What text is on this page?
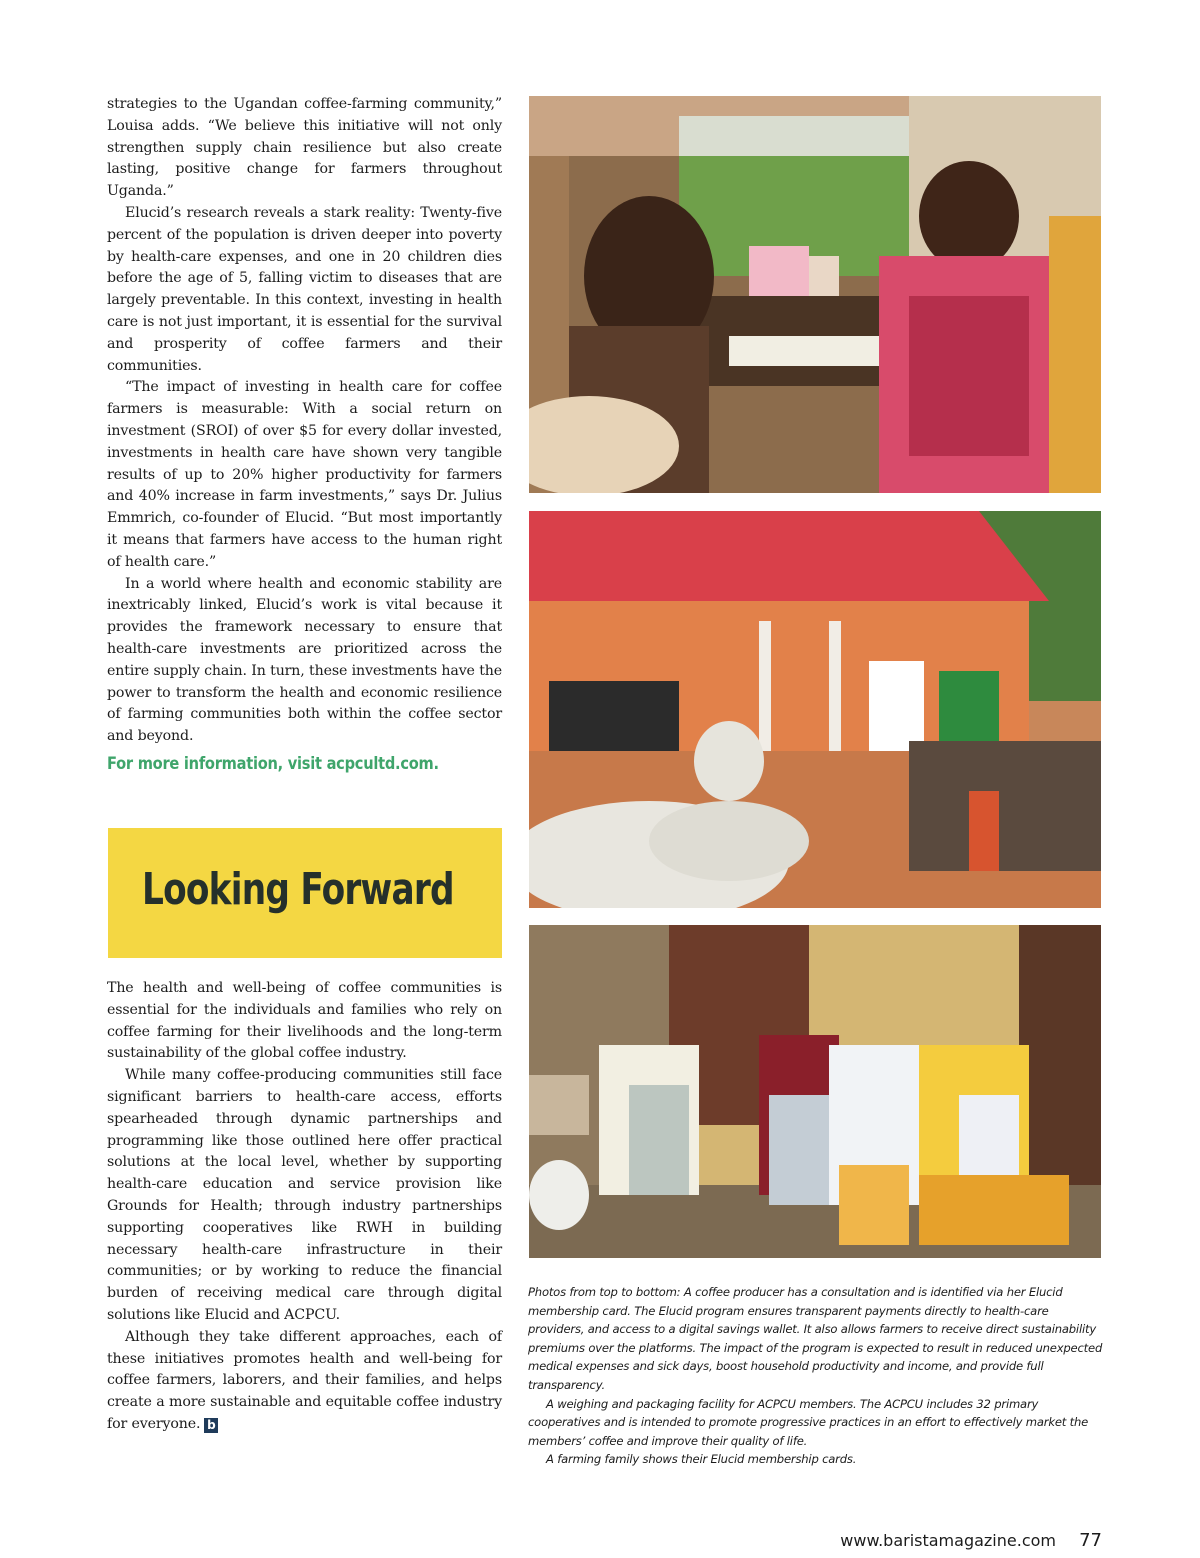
strategies to the Ugandan coffee-farming community,” Louisa adds. “We believe this initiative will not only strengthen supply chain resilience but also create lasting, positive change for farmers throughout Uganda.”

Elucid’s research reveals a stark reality: Twenty-five percent of the population is driven deeper into poverty by health-care expenses, and one in 20 children dies before the age of 5, falling victim to diseases that are largely preventable. In this context, investing in health care is not just important, it is essential for the survival and prosperity of coffee farmers and their communities.

“The impact of investing in health care for coffee farmers is measurable: With a social return on investment (SROI) of over $5 for every dollar invested, investments in health care have shown very tangible results of up to 20% higher productivity for farmers and 40% increase in farm investments,” says Dr. Julius Emmrich, co-founder of Elucid. “But most importantly it means that farmers have access to the human right of health care.”

In a world where health and economic stability are inextricably linked, Elucid’s work is vital because it provides the framework necessary to ensure that health-care investments are prioritized across the entire supply chain. In turn, these investments have the power to transform the health and economic resilience of farming communities both within the coffee sector and beyond.

For more information, visit acpcultd.com.
Looking Forward

The health and well-being of coffee communities is essential for the individuals and families who rely on coffee farming for their livelihoods and the long-term sustainability of the global coffee industry.

While many coffee-producing communities still face significant barriers to health-care access, efforts spearheaded through dynamic partnerships and programming like those outlined here offer practical solutions at the local level, whether by supporting health-care education and service provision like Grounds for Health; through industry partnerships supporting cooperatives like RWH in building necessary health-care infrastructure in their communities; or by working to reduce the financial burden of receiving medical care through digital solutions like Elucid and ACPCU.

Although they take different approaches, each of these initiatives promotes health and well-being for coffee farmers, laborers, and their families, and helps create a more sustainable and equitable coffee industry for everyone. b

Photos from top to bottom: A coffee producer has a consultation and is identified via her Elucid membership card. The Elucid program ensures transparent payments directly to health-care providers, and access to a digital savings wallet. It also allows farmers to receive direct sustainability premiums over the platforms. The impact of the program is expected to result in reduced unexpected medical expenses and sick days, boost household productivity and income, and provide full transparency.

A weighing and packaging facility for ACPCU members. The ACPCU includes 32 primary cooperatives and is intended to promote progressive practices in an effort to effectively market the members’ coffee and improve their quality of life.

A farming family shows their Elucid membership cards.

www.baristamagazine.com 77
